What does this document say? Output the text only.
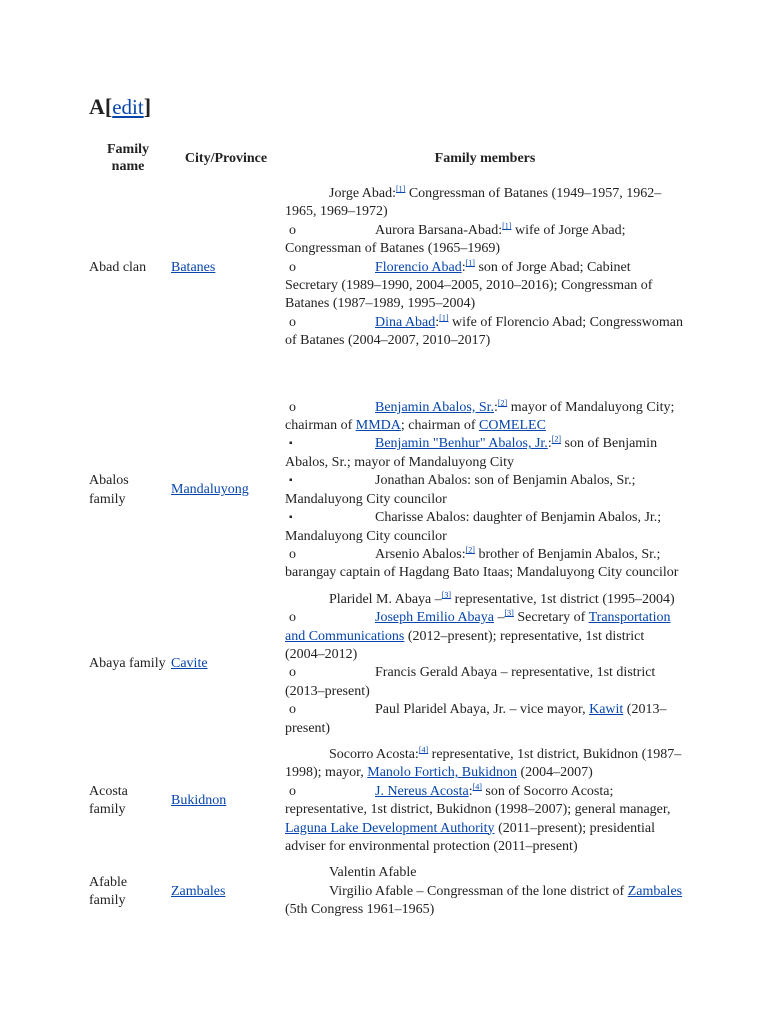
A[edit]
Family name	City/Province	Family members
Abad clan	Batanes	Jorge Abad:[1] Congressman of Batanes (1949–1957, 1962–1965, 1969–1972)
o Aurora Barsana-Abad:[1] wife of Jorge Abad; Congressman of Batanes (1965–1969)
o Florencio Abad:[1] son of Jorge Abad; Cabinet Secretary (1989–1990, 2004–2005, 2010–2016); Congressman of Batanes (1987–1989, 1995–2004)
o Dina Abad:[1] wife of Florencio Abad; Congresswoman of Batanes (2004–2007, 2010–2017)

Abalos family	Mandaluyong	o Benjamin Abalos, Sr.:[2] mayor of Mandaluyong City; chairman of MMDA; chairman of COMELEC
▪ Benjamin "Benhur" Abalos, Jr.:[2] son of Benjamin Abalos, Sr.; mayor of Mandaluyong City
▪ Jonathan Abalos: son of Benjamin Abalos, Sr.; Mandaluyong City councilor
▪ Charisse Abalos: daughter of Benjamin Abalos, Jr.; Mandaluyong City councilor
o Arsenio Abalos:[2] brother of Benjamin Abalos, Sr.; barangay captain of Hagdang Bato Itaas; Mandaluyong City councilor

Abaya family	Cavite	Plaridel M. Abaya –[3] representative, 1st district (1995–2004)
o Joseph Emilio Abaya –[3] Secretary of Transportation and Communications (2012–present); representative, 1st district (2004–2012)
o Francis Gerald Abaya – representative, 1st district (2013–present)
o Paul Plaridel Abaya, Jr. – vice mayor, Kawit (2013–present)

Acosta family	Bukidnon	Socorro Acosta:[4] representative, 1st district, Bukidnon (1987–1998); mayor, Manolo Fortich, Bukidnon (2004–2007)
o J. Nereus Acosta:[4] son of Socorro Acosta; representative, 1st district, Bukidnon (1998–2007); general manager, Laguna Lake Development Authority (2011–present); presidential adviser for environmental protection (2011–present)

Afable family	Zambales	Valentin Afable
Virgilio Afable – Congressman of the lone district of Zambales (5th Congress 1961–1965)
